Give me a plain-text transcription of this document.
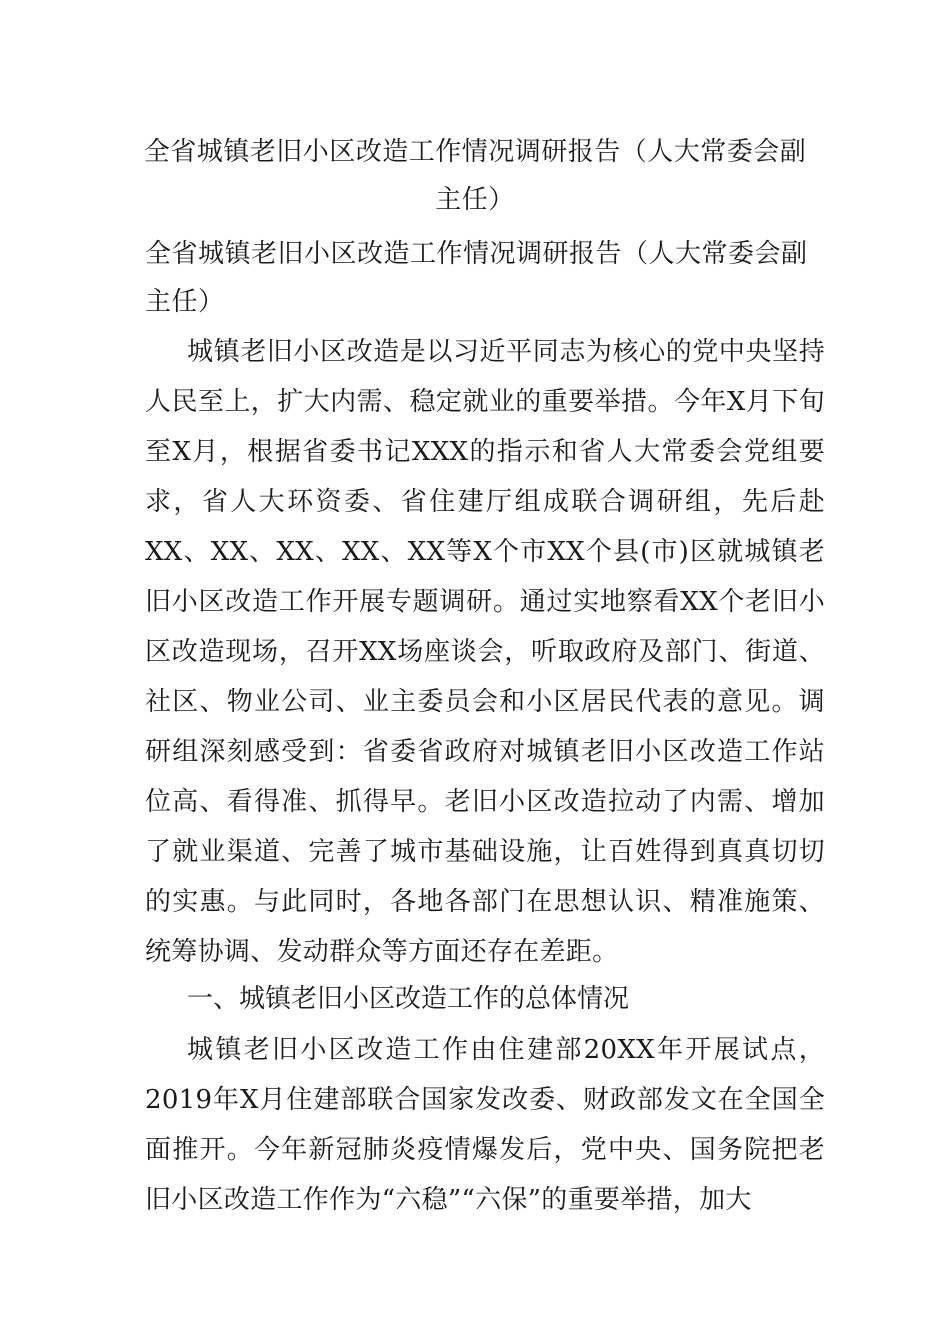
全省城镇老旧小区改造工作情况调研报告（人大常委会副主任）
全省城镇老旧小区改造工作情况调研报告（人大常委会副主任）
城镇老旧小区改造是以习近平同志为核心的党中央坚持人民至上，扩大内需、稳定就业的重要举措。今年X月下旬至X月，根据省委书记XXX的指示和省人大常委会党组要求，省人大环资委、省住建厅组成联合调研组，先后赴XX、XX、XX、XX、XX等X个市XX个县(市)区就城镇老旧小区改造工作开展专题调研。通过实地察看XX个老旧小区改造现场，召开XX场座谈会，听取政府及部门、街道、社区、物业公司、业主委员会和小区居民代表的意见。调研组深刻感受到：省委省政府对城镇老旧小区改造工作站位高、看得准、抓得早。老旧小区改造拉动了内需、增加了就业渠道、完善了城市基础设施，让百姓得到真真切切的实惠。与此同时，各地各部门在思想认识、精准施策、统筹协调、发动群众等方面还存在差距。
一、城镇老旧小区改造工作的总体情况
城镇老旧小区改造工作由住建部20XX年开展试点，2019年X月住建部联合国家发改委、财政部发文在全国全面推开。今年新冠肺炎疫情爆发后，党中央、国务院把老旧小区改造工作作为“六稳”“六保”的重要举措，加大
